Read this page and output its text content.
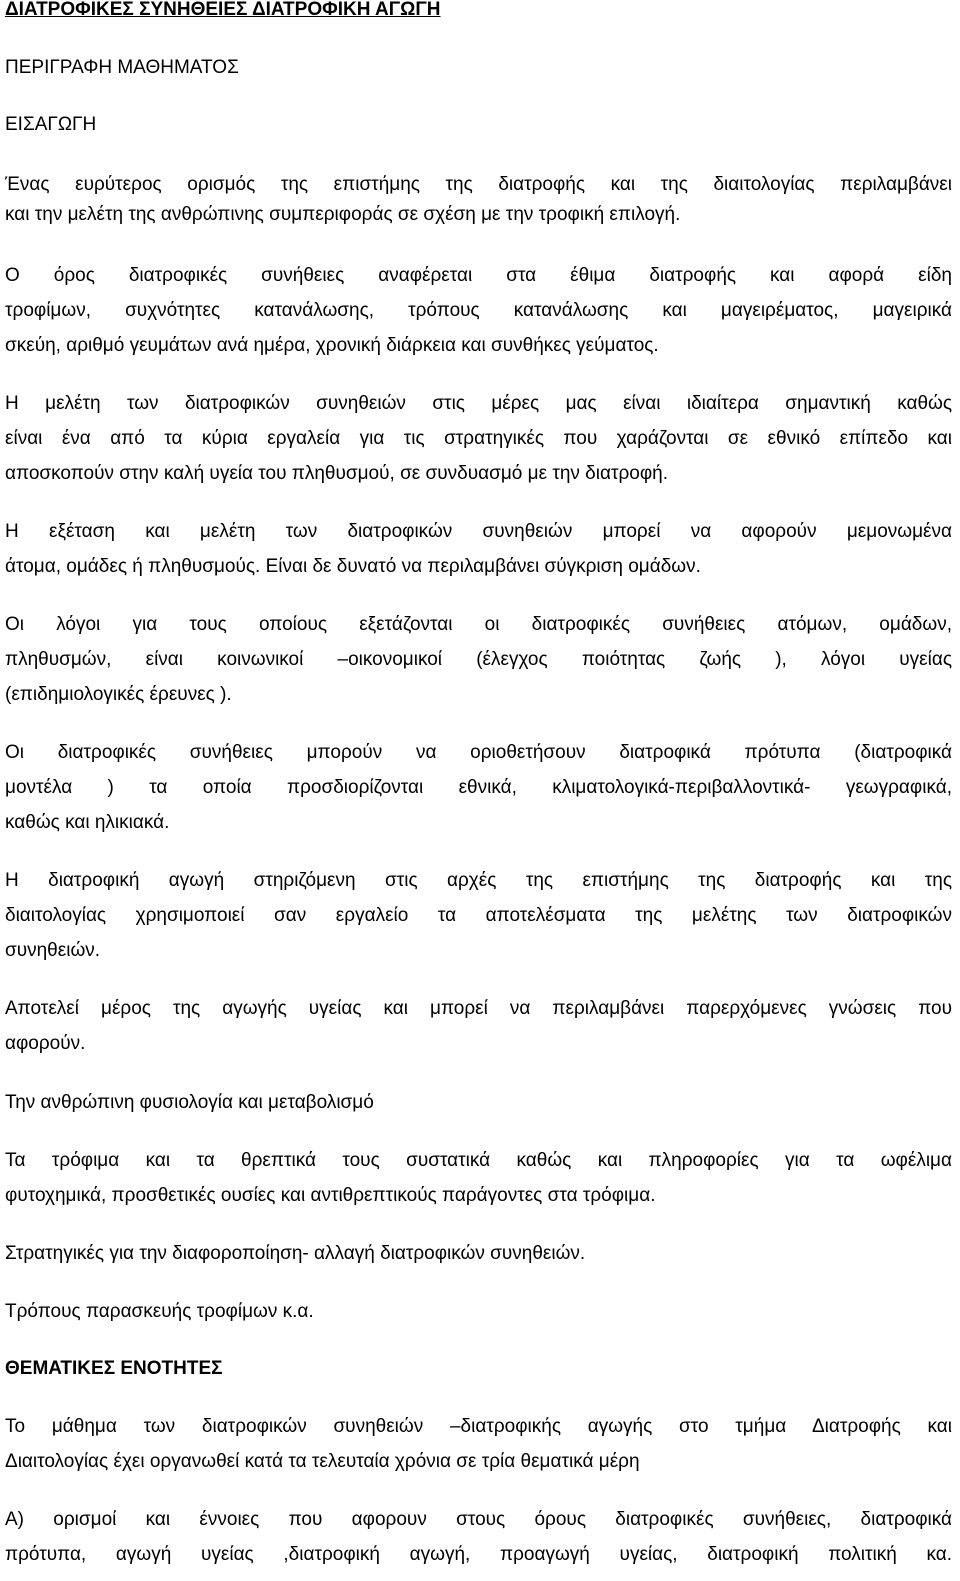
ΔΙΑΤΡΟΦΙΚΕΣ ΣΥΝΗΘΕΙΕΣ ΔΙΑΤΡΟΦΙΚΗ ΑΓΩΓΗ
ΠΕΡΙΓΡΑΦΗ ΜΑΘΗΜΑΤΟΣ
ΕΙΣΑΓΩΓΗ
Ένας ευρύτερος ορισμός της επιστήμης της διατροφής και της διαιτολογίας περιλαμβάνει
και την μελέτη της ανθρώπινης συμπεριφοράς σε σχέση με την τροφική επιλογή.
Ο όρος διατροφικές συνήθειες αναφέρεται στα έθιμα διατροφής και αφορά είδη
τροφίμων, συχνότητες κατανάλωσης, τρόπους κατανάλωσης και μαγειρέματος, μαγειρικά
σκεύη, αριθμό γευμάτων ανά ημέρα, χρονική διάρκεια και συνθήκες γεύματος.
Η μελέτη των διατροφικών συνηθειών στις μέρες μας είναι ιδιαίτερα σημαντική καθώς
είναι ένα από τα κύρια εργαλεία για τις στρατηγικές που χαράζονται σε εθνικό επίπεδο και
αποσκοπούν στην καλή υγεία του πληθυσμού, σε συνδυασμό με την διατροφή.
Η εξέταση και μελέτη των διατροφικών συνηθειών μπορεί να αφορούν μεμονωμένα
άτομα, ομάδες ή πληθυσμούς. Είναι δε δυνατό να περιλαμβάνει σύγκριση ομάδων.
Οι λόγοι για τους οποίους εξετάζονται οι διατροφικές συνήθειες ατόμων, ομάδων,
πληθυσμών, είναι κοινωνικοί –οικονομικοί (έλεγχος ποιότητας ζωής ), λόγοι υγείας
(επιδημιολογικές έρευνες ).
Οι διατροφικές συνήθειες μπορούν να οριοθετήσουν διατροφικά πρότυπα (διατροφικά
μοντέλα ) τα οποία προσδιορίζονται εθνικά, κλιματολογικά-περιβαλλοντικά- γεωγραφικά,
καθώς και ηλικιακά.
Η διατροφική αγωγή στηριζόμενη στις αρχές της επιστήμης της διατροφής και της
διαιτολογίας χρησιμοποιεί σαν εργαλείο τα αποτελέσματα της μελέτης των διατροφικών
συνηθειών.
Αποτελεί μέρος της αγωγής υγείας και μπορεί να περιλαμβάνει παρερχόμενες γνώσεις που
αφορούν.
Την ανθρώπινη φυσιολογία και μεταβολισμό
Τα τρόφιμα και τα θρεπτικά τους συστατικά καθώς και πληροφορίες για τα ωφέλιμα
φυτοχημικά, προσθετικές ουσίες και αντιθρεπτικούς παράγοντες στα τρόφιμα.
Στρατηγικές για την διαφοροποίηση- αλλαγή διατροφικών συνηθειών.
Τρόπους παρασκευής τροφίμων κ.α.
ΘΕΜΑΤΙΚΕΣ ΕΝΟΤΗΤΕΣ
Το μάθημα των διατροφικών συνηθειών –διατροφικής αγωγής στο τμήμα Διατροφής και
Διαιτολογίας έχει οργανωθεί κατά τα τελευταία χρόνια σε τρία θεματικά μέρη
Α) ορισμοί και έννοιες που αφορουν στους όρους διατροφικές συνήθειες, διατροφικά
πρότυπα, αγωγή υγείας ,διατροφική αγωγή, προαγωγή υγείας, διατροφική πολιτική κα.
